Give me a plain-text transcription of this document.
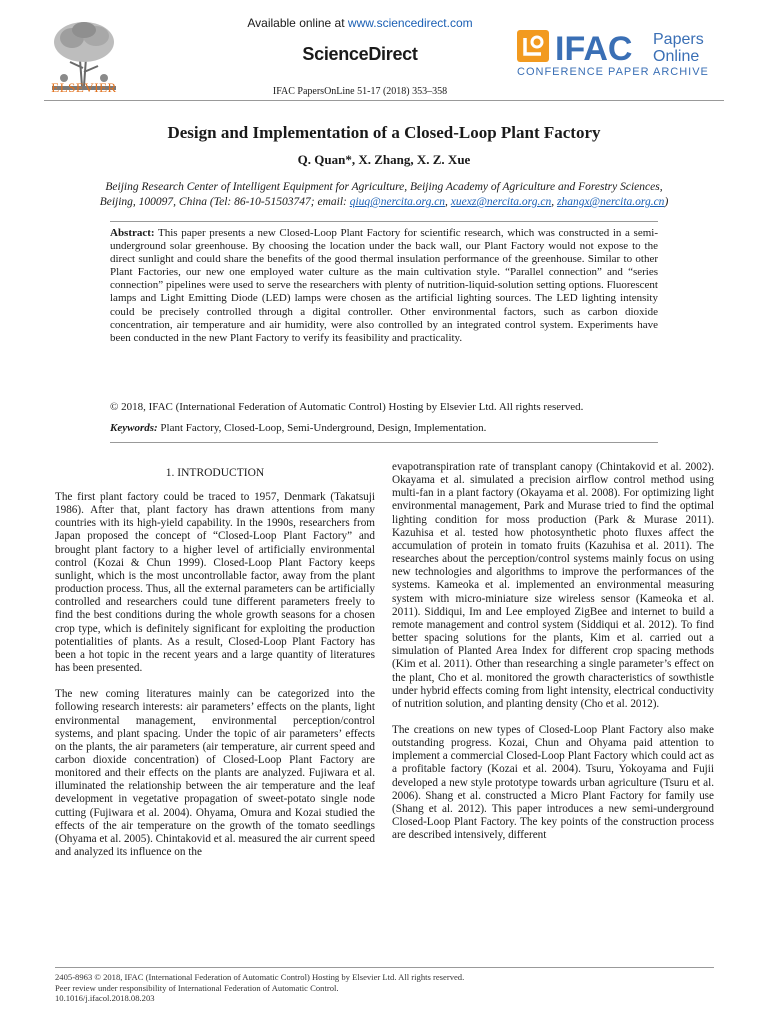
ELSEVIER
Available online at www.sciencedirect.com
ScienceDirect
IFAC PapersOnLine 51-17 (2018) 353–358
IFAC Papers
Online
CONFERENCE PAPER ARCHIVE
Design and Implementation of a Closed-Loop Plant Factory
Q. Quan*, X. Zhang, X. Z. Xue
Beijing Research Center of Intelligent Equipment for Agriculture, Beijing Academy of Agriculture and Forestry Sciences,
Beijing, 100097, China (Tel: 86-10-51503747; email: qiuq@nercita.org.cn, xuexz@nercita.org.cn, zhangx@nercita.org.cn)
Abstract: This paper presents a new Closed-Loop Plant Factory for scientific research, which was constructed in a semi-underground solar greenhouse. By choosing the location under the back wall, our Plant Factory would not expose to the direct sunlight and could share the benefits of the good thermal insulation performance of the greenhouse. Similar to other Plant Factories, our new one employed water culture as the main cultivation style. “Parallel connection” and “series connection” pipelines were used to serve the researchers with plenty of nutrition-liquid-solution setting options. Fluorescent lamps and Light Emitting Diode (LED) lamps were chosen as the artificial lighting sources. The LED lighting intensity could be precisely controlled through a digital controller. Other environmental factors, such as carbon dioxide concentration, air temperature and air humidity, were also controlled by an integrated control system. Experiments have been conducted in the new Plant Factory to verify its feasibility and practicality.
© 2018, IFAC (International Federation of Automatic Control) Hosting by Elsevier Ltd. All rights reserved.
Keywords: Plant Factory, Closed-Loop, Semi-Underground, Design, Implementation.
1. INTRODUCTION

The first plant factory could be traced to 1957, Denmark (Takatsuji 1986). After that, plant factory has drawn attentions from many countries with its high-yield capability. In the 1990s, researchers from Japan proposed the concept of “Closed-Loop Plant Factory” and brought plant factory to a higher level of artificially environmental control (Kozai & Chun 1999). Closed-Loop Plant Factory keeps sunlight, which is the most uncontrollable factor, away from the plant production process. Thus, all the external parameters can be artificially controlled and researchers could tune different parameters freely to find the best conditions during the whole growth seasons for a chosen crop type, which is definitely significant for exploiting the production potentialities of plants. As a result, Closed-Loop Plant Factory has been a hot topic in the recent years and a large quantity of literatures has been presented.

The new coming literatures mainly can be categorized into the following research interests: air parameters’ effects on the plants, light environmental management, environmental perception/control systems, and plant spacing. Under the topic of air parameters’ effects on the plants, the air parameters (air temperature, air current speed and carbon dioxide concentration) of Closed-Loop Plant Factory are monitored and their effects on the plants are analyzed. Fujiwara et al. illuminated the relationship between the air temperature and the leaf development in vegetative propagation of sweet-potato single node cutting (Fujiwara et al. 2004). Ohyama, Omura and Kozai studied the effects of the air temperature on the growth of the tomato seedlings (Ohyama et al. 2005). Chintakovid et al. measured the air current speed and analyzed its influence on the

evapotranspiration rate of transplant canopy (Chintakovid et al. 2002). Okayama et al. simulated a precision airflow control method using multi-fan in a plant factory (Okayama et al. 2008). For optimizing light environmental management, Park and Murase tried to find the optimal lighting condition for moss production (Park & Murase 2011). Kazuhisa et al. tested how photosynthetic photo fluxes affect the accumulation of protein in tomato fruits (Kazuhisa et al. 2011). The researches about the perception/control systems mainly focus on using new technologies and algorithms to improve the performances of the systems. Kameoka et al. implemented an environmental measuring system with micro-miniature size wireless sensor (Kameoka et al. 2011). Siddiqui, Im and Lee employed ZigBee and internet to build a remote management and control system (Siddiqui et al. 2012). To find better spacing solutions for the plants, Kim et al. carried out a simulation of Planted Area Index for different crop spacing methods (Kim et al. 2011). Other than researching a single parameter’s effect on the plant, Cho et al. monitored the growth characteristics of sowthistle under hybrid effects coming from light intensity, electrical conductivity of nutrition solution, and planting density (Cho et al. 2012).

The creations on new types of Closed-Loop Plant Factory also make outstanding progress. Kozai, Chun and Ohyama paid attention to implement a commercial Closed-Loop Plant Factory which could act as a profitable factory (Kozai et al. 2004). Tsuru, Yokoyama and Fujii developed a new style prototype towards urban agriculture (Tsuru et al. 2006). Shang et al. constructed a Micro Plant Factory for family use (Shang et al. 2012). This paper introduces a new semi-underground Closed-Loop Plant Factory. The key points of the construction process are described intensively, different

2405-8963 © 2018, IFAC (International Federation of Automatic Control) Hosting by Elsevier Ltd. All rights reserved.
Peer review under responsibility of International Federation of Automatic Control.
10.1016/j.ifacol.2018.08.203
